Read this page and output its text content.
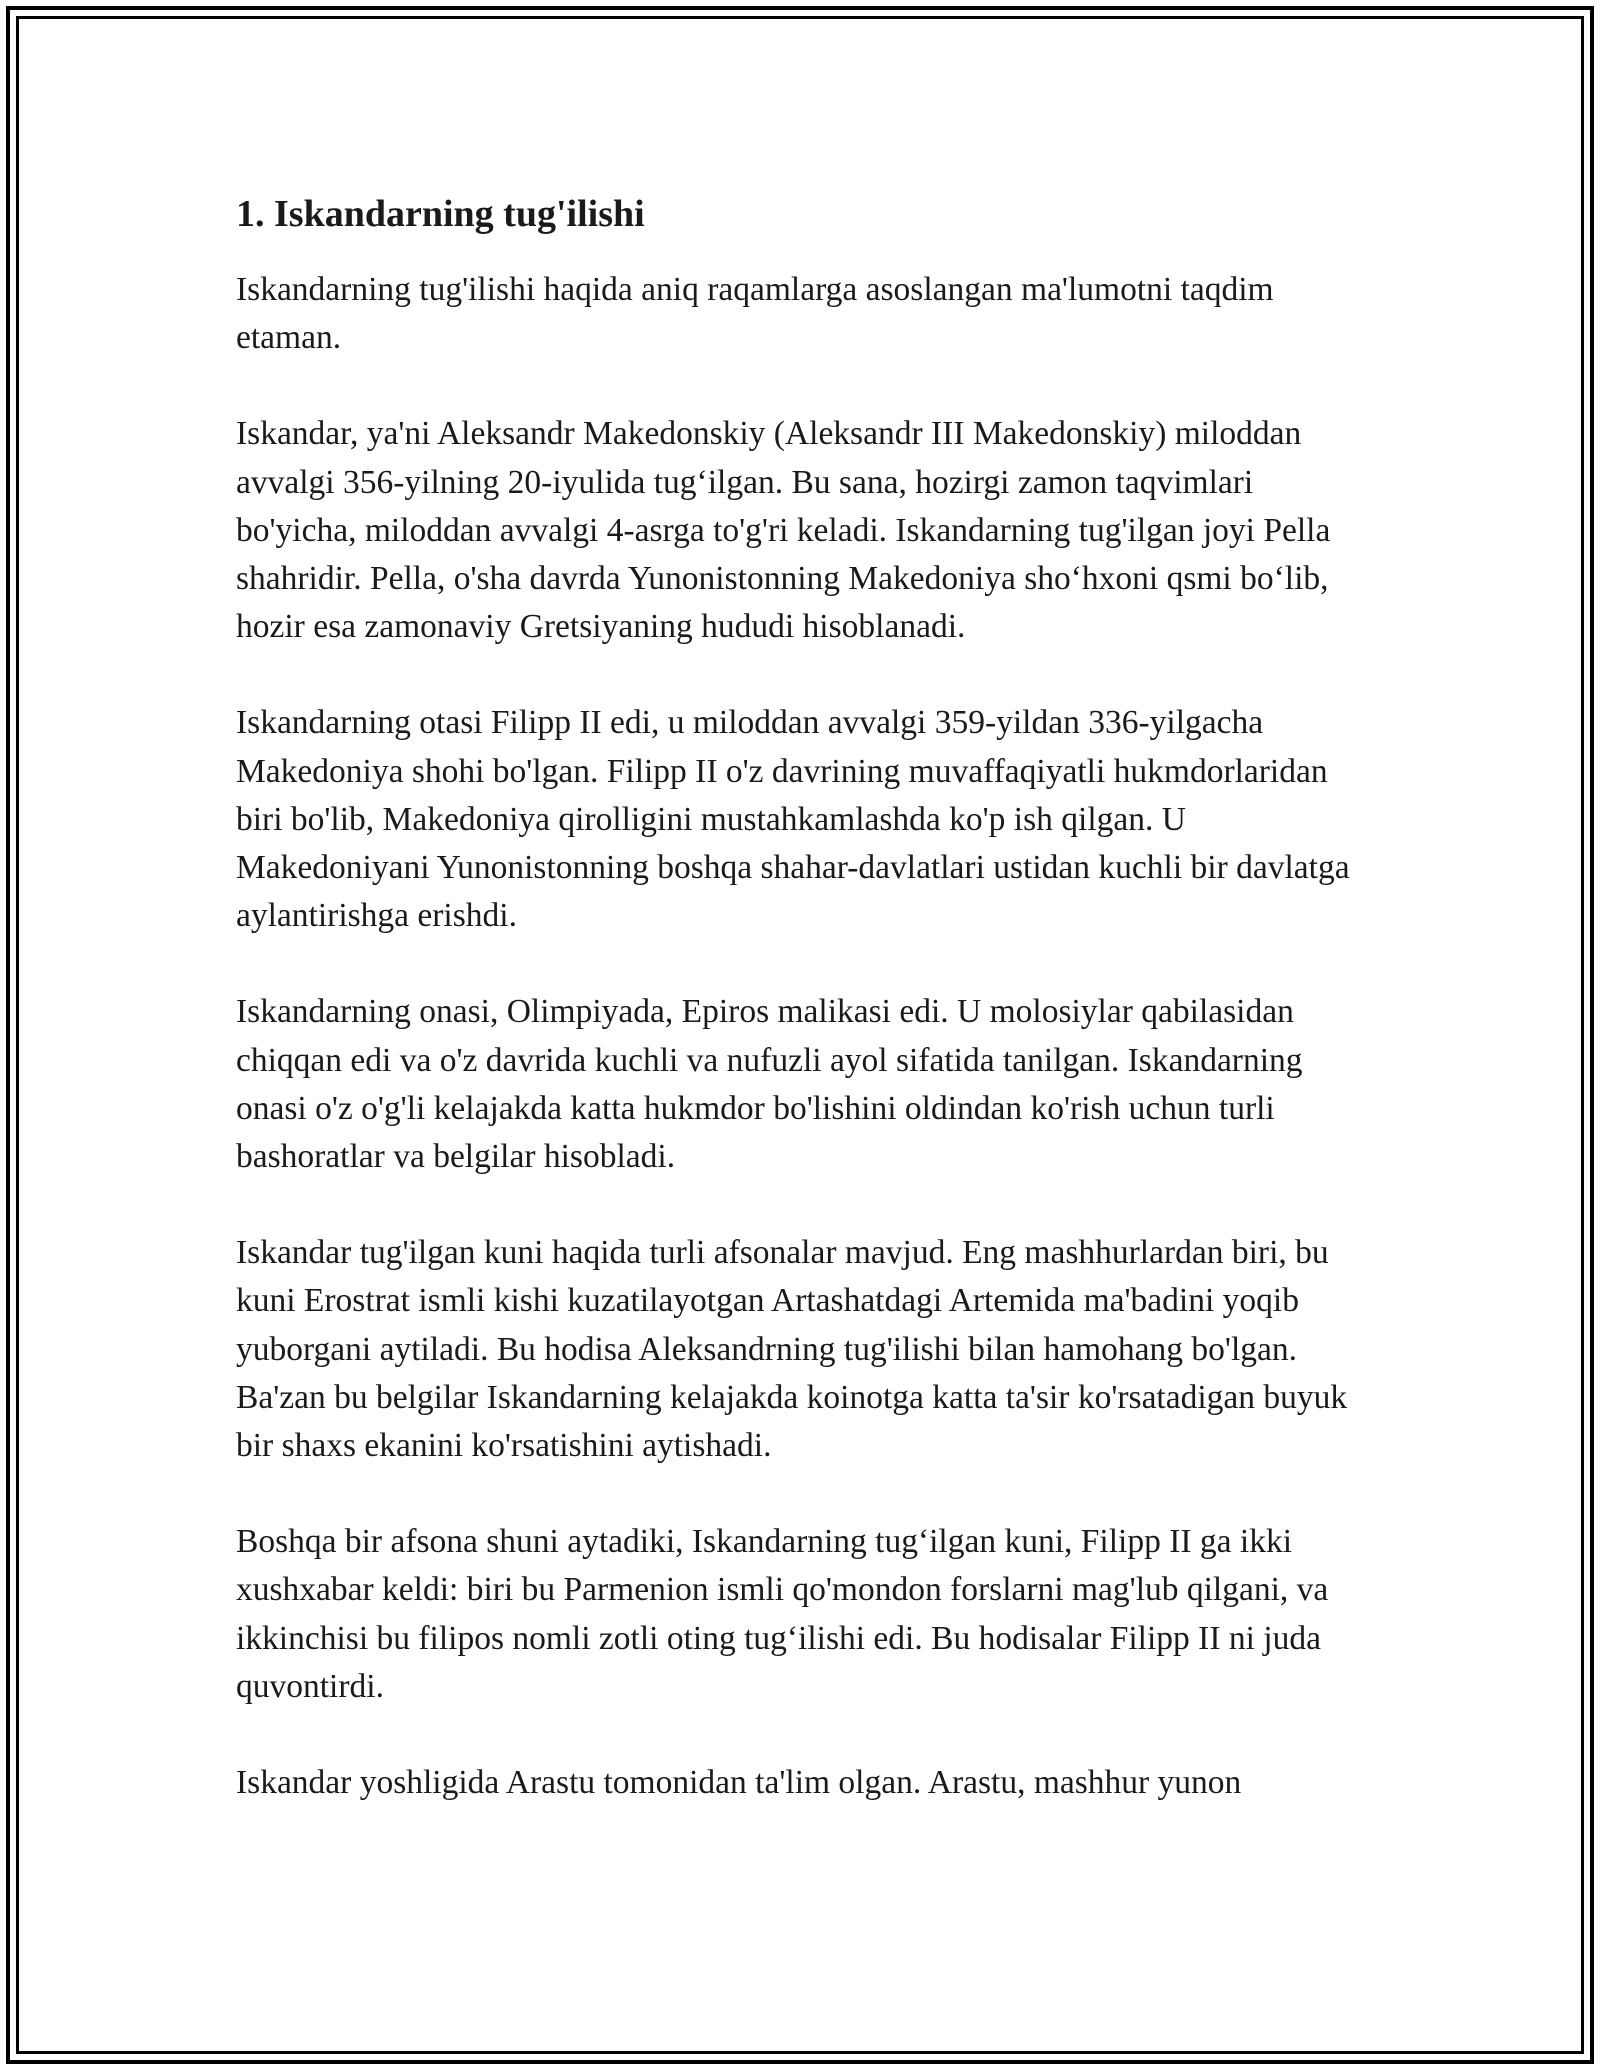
1. Iskandarning tug'ilishi

Iskandarning tug'ilishi haqida aniq raqamlarga asoslangan ma'lumotni taqdim etaman.

Iskandar, ya'ni Aleksandr Makedonskiy (Aleksandr III Makedonskiy) miloddan avvalgi 356-yilning 20-iyulida tug‘ilgan. Bu sana, hozirgi zamon taqvimlari bo'yicha, miloddan avvalgi 4-asrga to'g'ri keladi. Iskandarning tug'ilgan joyi Pella shahridir. Pella, o'sha davrda Yunonistonning Makedoniya sho‘hxoni qsmi bo‘lib, hozir esa zamonaviy Gretsiyaning hududi hisoblanadi.

Iskandarning otasi Filipp II edi, u miloddan avvalgi 359-yildan 336-yilgacha Makedoniya shohi bo'lgan. Filipp II o'z davrining muvaffaqiyatli hukmdorlaridan biri bo'lib, Makedoniya qirolligini mustahkamlashda ko'p ish qilgan. U Makedoniyani Yunonistonning boshqa shahar-davlatlari ustidan kuchli bir davlatga aylantirishga erishdi.

Iskandarning onasi, Olimpiyada, Epiros malikasi edi. U molosiylar qabilasidan chiqqan edi va o'z davrida kuchli va nufuzli ayol sifatida tanilgan. Iskandarning onasi o'z o'g'li kelajakda katta hukmdor bo'lishini oldindan ko'rish uchun turli bashoratlar va belgilar hisobladi.

Iskandar tug'ilgan kuni haqida turli afsonalar mavjud. Eng mashhurlardan biri, bu kuni Erostrat ismli kishi kuzatilayotgan Artashatdagi Artemida ma'badini yoqib yuborgani aytiladi. Bu hodisa Aleksandrning tug'ilishi bilan hamohang bo'lgan. Ba'zan bu belgilar Iskandarning kelajakda koinotga katta ta'sir ko'rsatadigan buyuk bir shaxs ekanini ko'rsatishini aytishadi.

Boshqa bir afsona shuni aytadiki, Iskandarning tug‘ilgan kuni, Filipp II ga ikki xushxabar keldi: biri bu Parmenion ismli qo'mondon forslarni mag'lub qilgani, va ikkinchisi bu filipos nomli zotli oting tug‘ilishi edi. Bu hodisalar Filipp II ni juda quvontirdi.

Iskandar yoshligida Arastu tomonidan ta'lim olgan. Arastu, mashhur yunon
